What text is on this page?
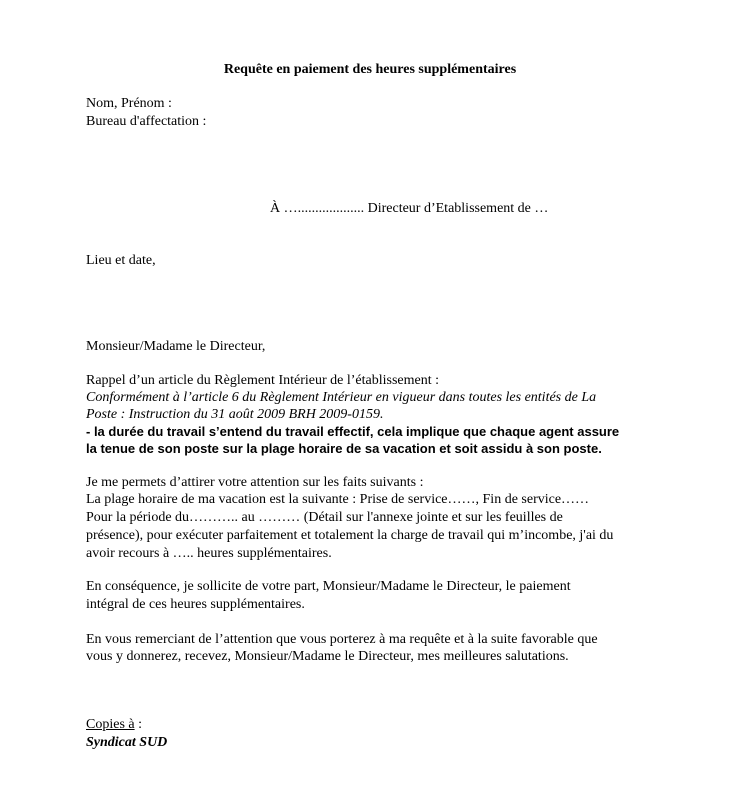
Requête en paiement des heures supplémentaires
Nom, Prénom :
Bureau d'affectation :
À …................... Directeur d’Etablissement de …
Lieu et date,
Monsieur/Madame le Directeur,
Rappel d’un article du Règlement Intérieur de l’établissement :
Conformément à l’article 6 du Règlement Intérieur en vigueur dans toutes les entités de La
Poste : Instruction du 31 août 2009 BRH 2009-0159.
- la durée du travail s’entend du travail effectif, cela implique que chaque agent assure
la tenue de son poste sur la plage horaire de sa vacation et soit assidu à son poste.
Je me permets d’attirer votre attention sur les faits suivants :
La plage horaire de ma vacation est la suivante : Prise de service……, Fin de service……
Pour la période du……….. au ……… (Détail sur l'annexe jointe et sur les feuilles de
présence), pour exécuter parfaitement et totalement la charge de travail qui m’incombe, j'ai du
avoir recours à ….. heures supplémentaires.
En conséquence, je sollicite de votre part, Monsieur/Madame le Directeur, le paiement
intégral de ces heures supplémentaires.
En vous remerciant de l’attention que vous porterez à ma requête et à la suite favorable que
vous y donnerez, recevez, Monsieur/Madame le Directeur, mes meilleures salutations.
Copies à :
Syndicat SUD
